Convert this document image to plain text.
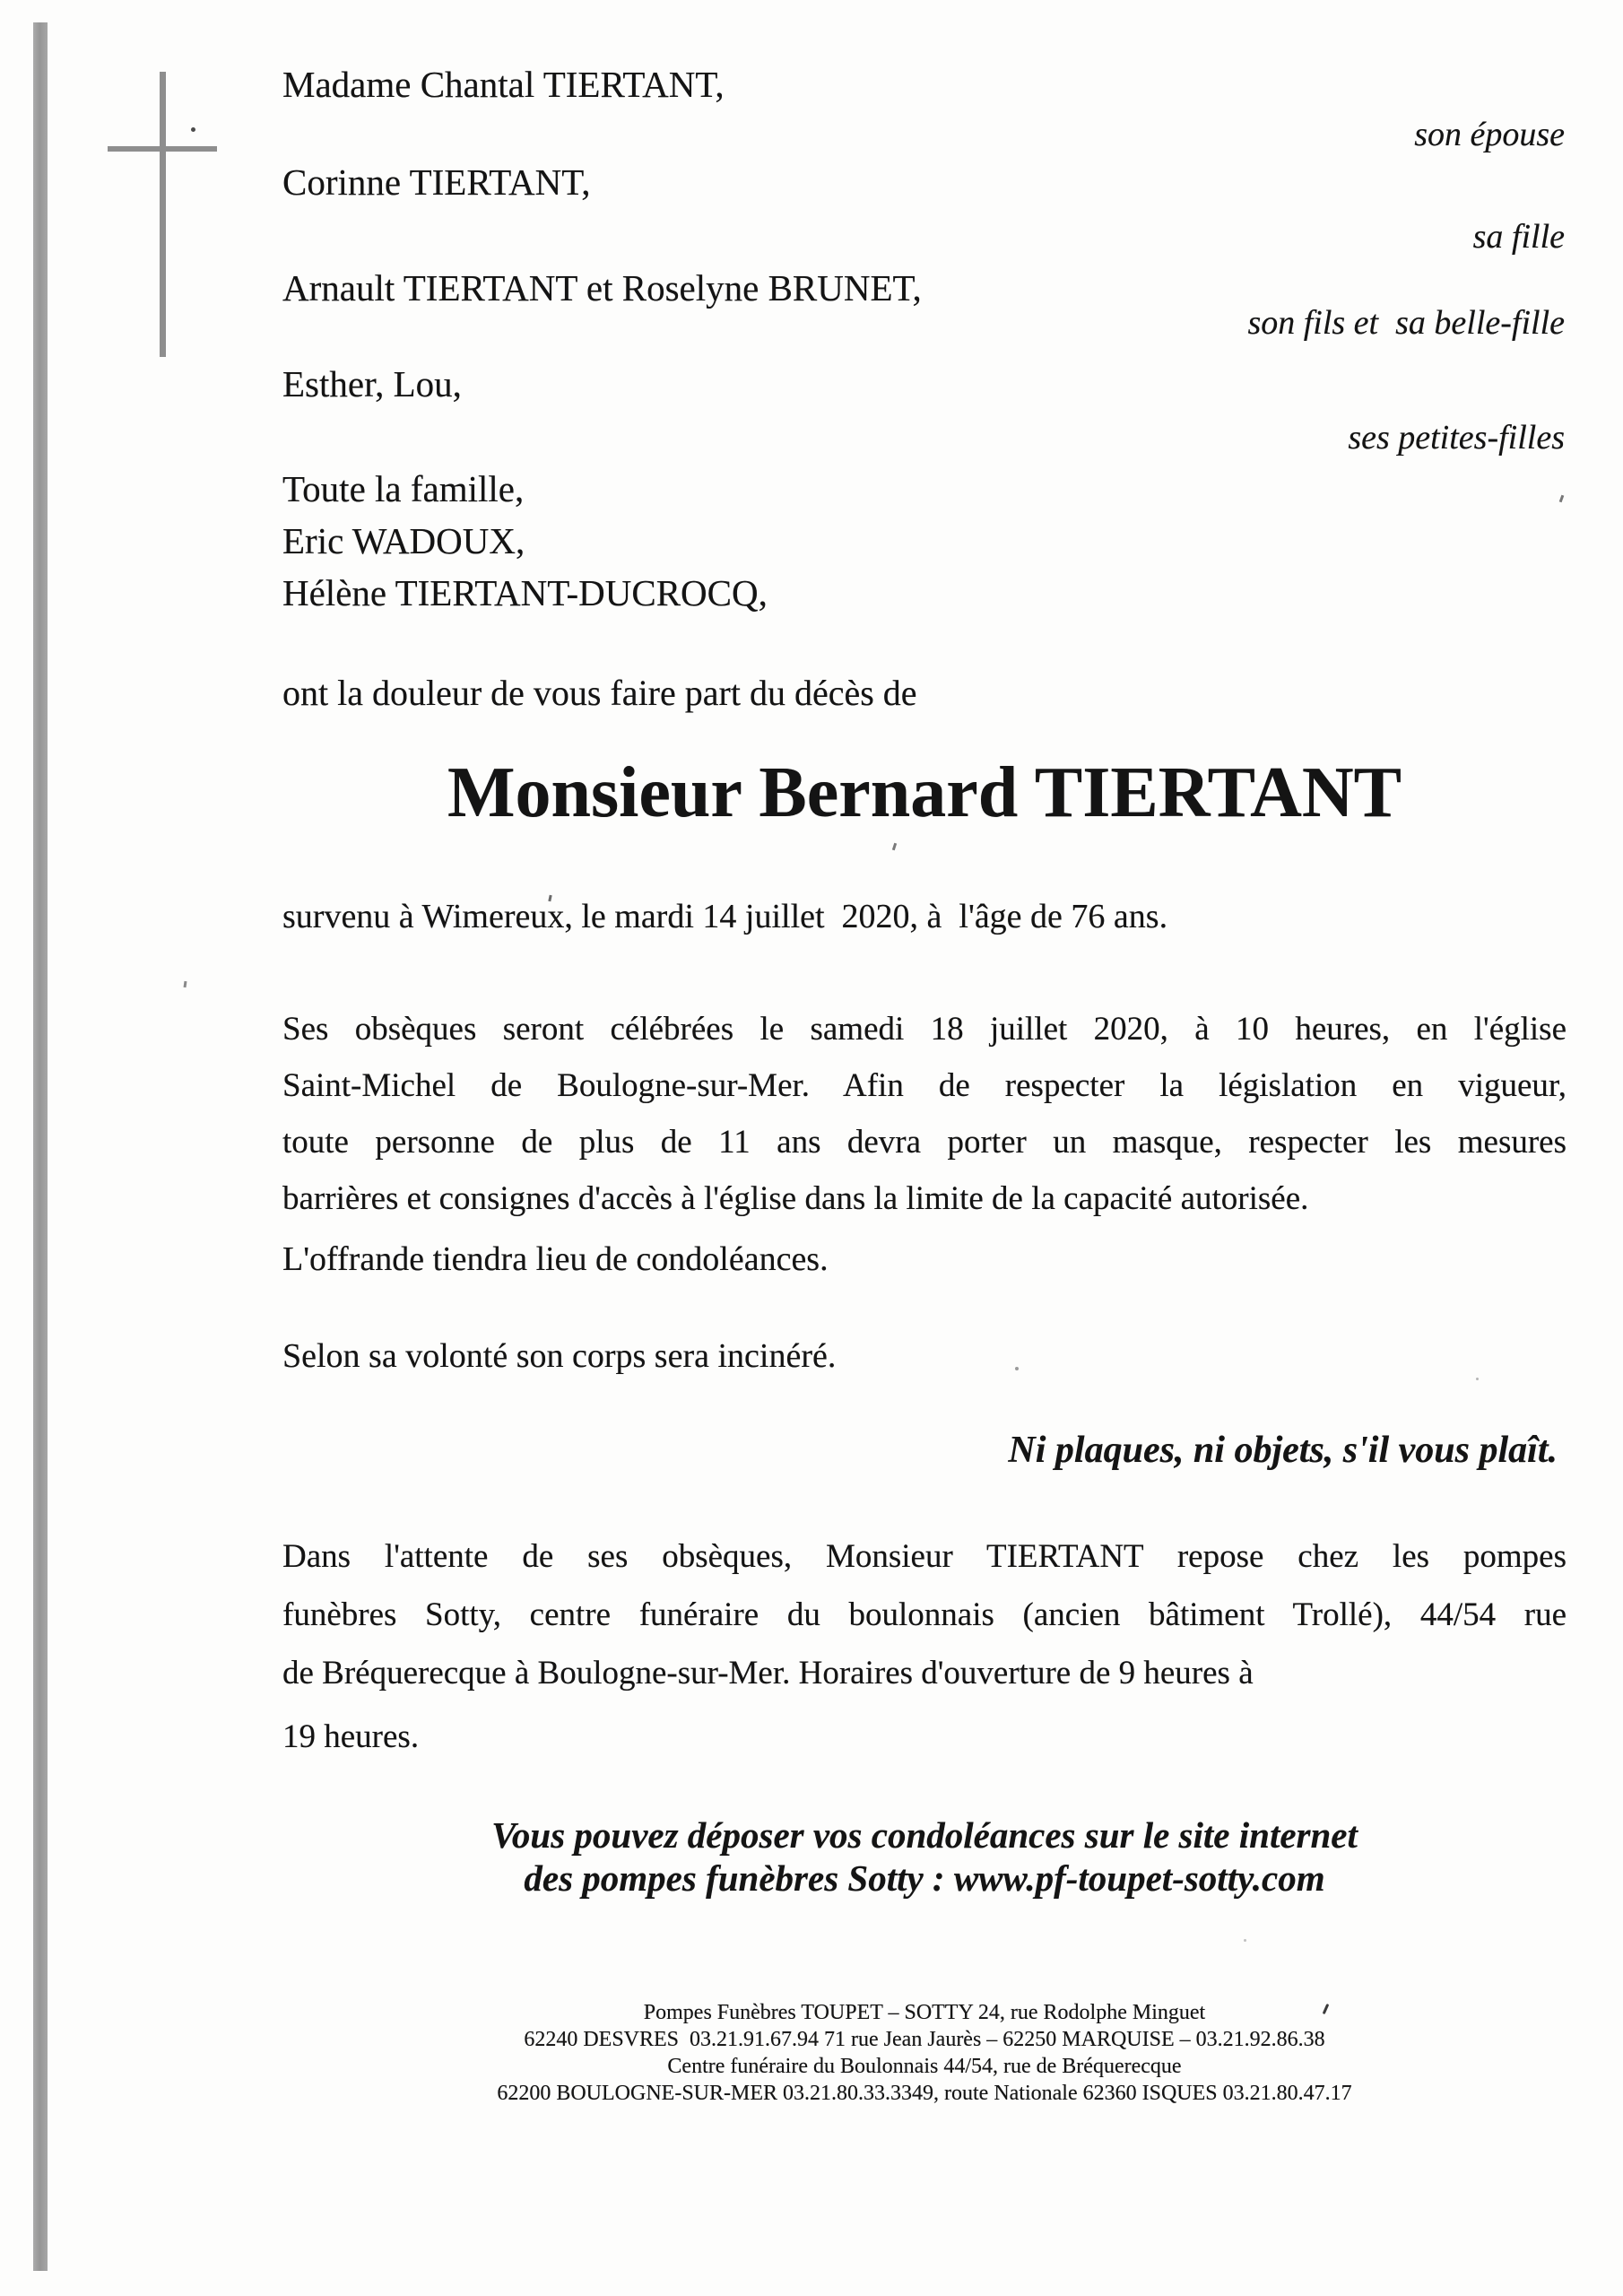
Madame Chantal TIERTANT,
son épouse
Corinne TIERTANT,
sa fille
Arnault TIERTANT et Roselyne BRUNET,
son fils et  sa belle-fille
Esther, Lou,
ses petites-filles
Toute la famille,
Eric WADOUX,
Hélène TIERTANT-DUCROCQ,
ont la douleur de vous faire part du décès de
Monsieur Bernard TIERTANT
survenu à Wimereux, le mardi 14 juillet  2020, à  l'âge de 76 ans.
Ses obsèques seront célébrées le samedi 18 juillet 2020, à 10 heures, en l'église
Saint-Michel de Boulogne-sur-Mer. Afin de respecter la législation en vigueur,
toute personne de plus de 11 ans devra porter un masque, respecter les mesures
barrières et consignes d'accès à l'église dans la limite de la capacité autorisée.
L'offrande tiendra lieu de condoléances.
Selon sa volonté son corps sera incinéré.
Ni plaques, ni objets, s'il vous plaît.
Dans l'attente de ses obsèques, Monsieur TIERTANT repose chez les pompes
funèbres Sotty, centre funéraire du boulonnais (ancien bâtiment Trollé), 44/54 rue
de Bréquerecque à Boulogne-sur-Mer. Horaires d'ouverture de 9 heures à
19 heures.
Vous pouvez déposer vos condoléances sur le site internet
des pompes funèbres Sotty : www.pf-toupet-sotty.com
Pompes Funèbres TOUPET – SOTTY 24, rue Rodolphe Minguet
62240 DESVRES  03.21.91.67.94 71 rue Jean Jaurès – 62250 MARQUISE – 03.21.92.86.38
Centre funéraire du Boulonnais 44/54, rue de Bréquerecque
62200 BOULOGNE-SUR-MER 03.21.80.33.3349, route Nationale 62360 ISQUES 03.21.80.47.17
